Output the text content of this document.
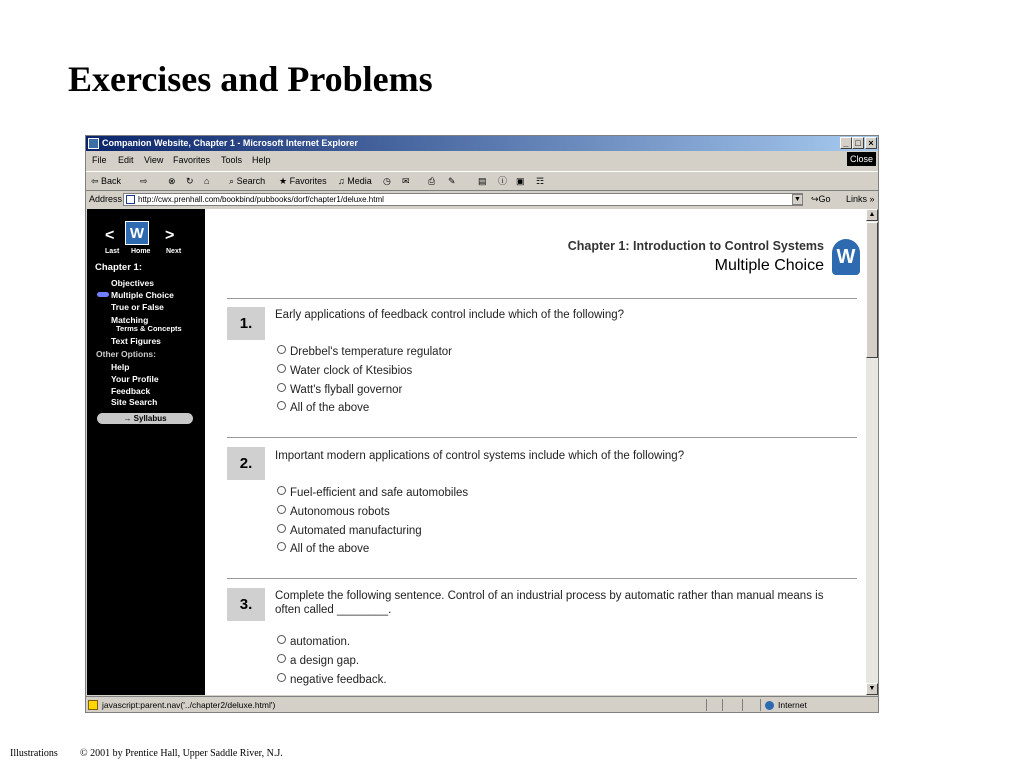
Exercises and Problems
Companion Website, Chapter 1 - Microsoft Internet Explorer	_ □ ×
File Edit View Favorites Tools Help	Close
⇦ Back ⇨ ⊗ ↻ ⌂ ⌕ Search ★ Favorites ♫ Media ◷ ✉ ⎙ ✎ ▤ ⓘ ▣ ☶
Address	http://cwx.prenhall.com/bookbind/pubbooks/dorf/chapter1/deluxe.html	▼ ↪Go Links »
<	W	>
Last Home Next
Chapter 1:
Objectives
Multiple Choice
True or False
Matching
Terms & Concepts
Text Figures
Other Options:
Help
Your Profile
Feedback
Site Search
→ Syllabus
Chapter 1: Introduction to Control Systems
Multiple Choice W
1.	Early applications of feedback control include which of the following?
Drebbel's temperature regulator
Water clock of Ktesibios
Watt's flyball governor
All of the above
2.	Important modern applications of control systems include which of the following?
Fuel-efficient and safe automobiles
Autonomous robots
Automated manufacturing
All of the above
3.	Complete the following sentence. Control of an industrial process by automatic rather than manual means is often called ________.
automation.
a design gap.
negative feedback.
▲
▼
javascript:parent.nav('../chapter2/deluxe.html')	Internet
Illustrations © 2001 by Prentice Hall, Upper Saddle River, N.J.
